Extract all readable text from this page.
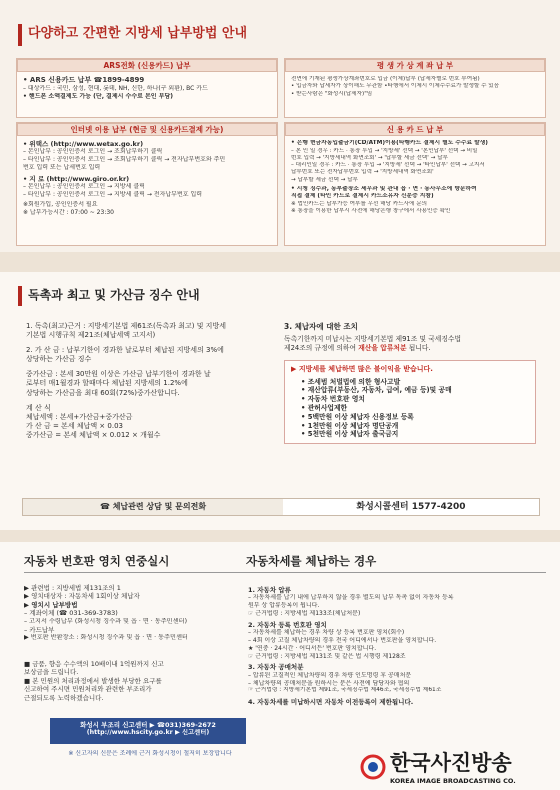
다양하고 간편한 지방세 납부방법 안내
ARS전화 (신용카드) 납부
• ARS 신용카드 납부 ☎1899-4899
– 대상카드 : 국민, 삼성, 현대, 롯데, NH, 신한, 하나(구 외환), BC 카드
• 핸드폰 소액결제도 가능 (단, 결제시 수수료 본인 부담)
인터넷 이용 납부 (현금 및 신용카드결제 가능)
• 위택스 (http://www.wetax.go.kr)
– 본인납부 : 공인인증서 로그인 → 조회납부하기 클릭
– 타인납부 : 공인인증서 로그인 → 조회납부하기 클릭 → 전자납부번호와 주민
번호 입력 또는 납세번호 입력
• 지 로 (http://www.giro.or.kr)
– 본인납부 : 공인인증서 로그인 → 지방세 클릭
– 타인납부 : 공인인증서 로그인 → 지방세 클릭 → 전자납부번호 입력
※회원가입, 공인인증서 필요
※ 납부가능시간 : 07:00 ~ 23:30
평 생 가 상 계 좌 납 부
전면에 기재된 평생가상계좌번호로 입금 (이체)납부 (납세자별로 번호 부여됨)
• 입금자와 납세자가 상이해도 무관함 •타행에서 이체시 이체수수료가 발생할 수 있음
• 받는사람은 "화성시(납세자)"임
신 용 카 드 납 부
• 은행 현금자동입출금기(CD/ATM)이용(타행카드 결제시 별도 수수료 발생)
– 본 인 일 경우 : 카드 · 통장 투입 → '지방세' 선택 → '본인납부' 선택 → 비밀
번호 입력 → '지방세내역 화면조회' → '납부할 세금 선택' → 납부
– 대리인일 경우 : 카드 · 통장 투입 → '지방세' 선택 → '타인납부' 선택 → 고지서
납부번호 또는 전자납부번호 입력 → '지방세내역 화면조회'
→ 납부할 세금 선택 → 납부
• 시청 징수과, 동부출장소 세무과 및 관내 읍 · 면 · 동사무소에 방문하여
직접 결제 (타인 카드로 결제시 카드소유자 신분증 지참)
※ 법인카드는 납부가능 여부를 우선 해당 카드사에 문의
※ 통장을 이용한 납부시 사전에 해당은행 창구에서 사용인증 확인
독촉과 최고 및 가산금 징수 안내
1. 독촉(최고)근거 : 지방세기본법 제61조(독촉과 최고) 및 지방세
기본법 시행규칙 제21조(체납세액 고지서)
2. 가 산 금 : 납부기한이 경과한 날로부터 체납된 지방세의 3%에
상당하는 가산금 징수
중가산금 : 본세 30만원 이상은 가산금 납부기한이 경과한 날
로부터 매1월경과 할때마다 체납된 지방세의 1.2%에
상당하는 가산금을 최대 60회(72%)중가산합니다.
계 산 식
체납세액 : 본세+가산금+중가산금
가 산 금 = 본세 체납액 × 0.03
중가산금 = 본세 체납액 × 0.012 × 개월수
3. 체납자에 대한 조치
독촉기한까지 미납시는 지방세기본법 제91조 및 국세징수법
제24조의 규정에 의하여 재산을 압류처분 됩니다.
▶ 지방세를 체납하면 많은 불이익을 받습니다.
• 조세범 처벌법에 의한 형사고발
• 재산압류(부동산, 자동차, 급여, 예금 등)및 공매
• 자동차 번호판 영치
• 관허사업제한
• 5백만원 이상 체납자 신용정보 등록
• 1천만원 이상 체납자 명단공개
• 5천만원 이상 체납자 출국금지
☎ 체납관련 상담 및 문의전화	화성시콜센터 1577-4200
자동차 번호판 영치 연중실시
▶ 관련법 : 지방세법 제131조의 1
▶ 영치대상자 : 자동차세 1회이상 체납자
▶ 영치시 납부방법
– 계좌이체 (☎ 031-369-3783)
– 고지서 수령납부 (화성시청 징수과 및 읍 · 면 · 동주민센터)
– 카드납부
▶ 번호판 반환장소 : 화성시청 징수과 및 읍 · 면 · 동주민센터
■ 금품, 향응 수수액의 10배이내 1억원까지 신고
보상금을 드립니다.
■ 본 민원의 처리과정에서 발생한 부당한 요구를
신고하여 주시면 민원처리와 관련한 부조리가
근절되도록 노력하겠습니다.
화성시 부조리 신고센터 ▶ ☎031)369-2672
(http://www.hscity.go.kr ▶ 신고센터)
※ 신고자의 신분은 조례에 근거 화성시청이 철저히 보장합니다
자동차세를 체납하는 경우
1. 자동차 압류
– 자동차세를 납기 내에 납부하지 않을 경우 별도의 납부 독촉 없이 자동차 등록
원부 상 압류등록이 됩니다.
☞ 근거법령 : 지방세법 제133조(체납처분)
2. 자동차 등록 번호판 영치
– 자동차세를 체납하는 경우 차량 상 등록 번호판 영치(회수)
– 4회 이상 고질 체납차량의 경우 전국 어디에서나 번호판을 영치합니다.
★ '연중 · 24시간 · 어디서든' 번호판 영치합니다.
☞ 근거법령 : 지방세법 제131조 및 같은 법 시행령 제128조
3. 자동차 공매처분
– 압류된 고질적인 체납차량의 경우 차량 인도명령 후 공매처분
– 체납차량의 공매처분을 원하시는 분은 사전에 담당자와 협의
☞ 근거법령 : 지방세기본법 제91조, 국세징수법 제46조, 국세징수법 제61조
4. 자동차세를 미납하시면 자동차 이전등록이 제한됩니다.
한국사진방송
KOREA IMAGE BROADCASTING CO.
